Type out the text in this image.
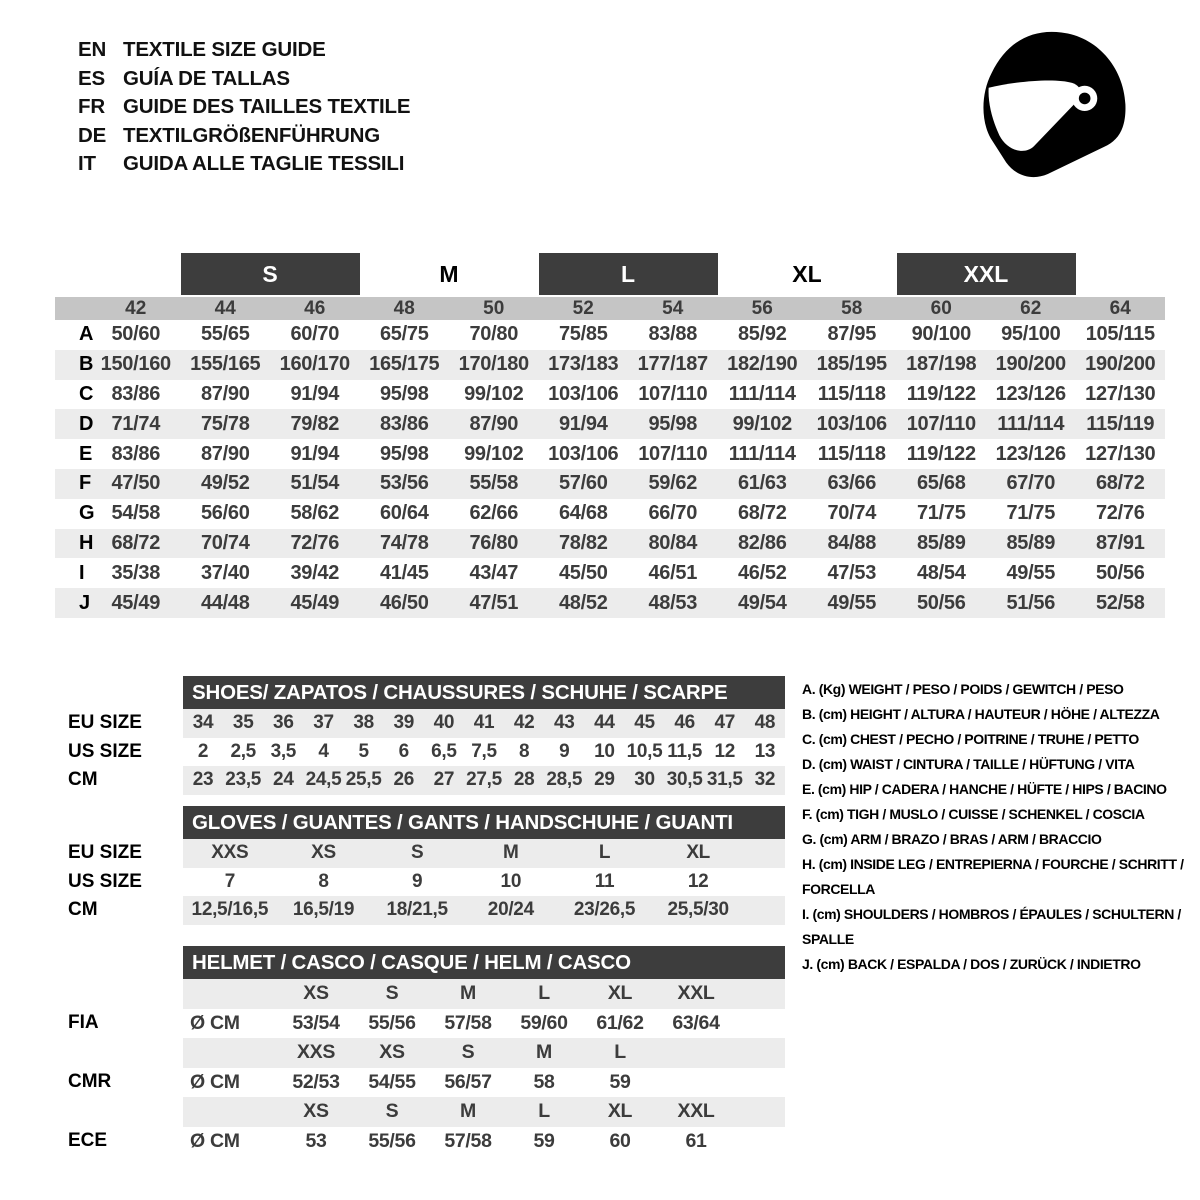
EN TEXTILE SIZE GUIDE
ES GUÍA DE TALLAS
FR GUIDE DES TAILLES TEXTILE
DE TEXTILGRÖßENFÜHRUNG
IT	GUIDA ALLE TAGLIE TESSILI
S	M	L	XL	XXL
42	44	46	48	50	52	54	56	58	60	62	64
A 50/60	55/65	60/70	65/75	70/80	75/85	83/88	85/92	87/95	90/100	95/100	105/115
B 150/160 155/165 160/170 165/175 170/180 173/183 177/187 182/190 185/195 187/198 190/200 190/200
C 83/86	87/90	91/94	95/98	99/102	103/106 107/110	111/114	115/118	119/122 123/126 127/130
D 71/74	75/78	79/82	83/86	87/90	91/94	95/98	99/102	103/106 107/110	111/114	115/119
E 83/86	87/90	91/94	95/98	99/102	103/106 107/110	111/114	115/118	119/122 123/126 127/130
F	47/50	49/52	51/54	53/56	55/58	57/60	59/62	61/63	63/66	65/68	67/70	68/72
G 54/58	56/60	58/62	60/64	62/66	64/68	66/70	68/72	70/74	71/75	71/75	72/76
H 68/72	70/74	72/76	74/78	76/80	78/82	80/84	82/86	84/88	85/89	85/89	87/91
I	35/38	37/40	39/42	41/45	43/47	45/50	46/51	46/52	47/53	48/54	49/55	50/56
J	45/49	44/48	45/49	46/50	47/51	48/52	48/53	49/54	49/55	50/56	51/56	52/58
SHOES/ ZAPATOS / CHAUSSURES / SCHUHE / SCARPE
EU SIZE	34	35	36	37	38	39	40	41	42	43	44	45	46	47	48
US SIZE	2	2,5 3,5	4	5	6	6,5 7,5	8	9	10 10,5 11,5 12	13
CM	23 23,5 24 24,5 25,5 26	27 27,5 28 28,5 29	30 30,5 31,5 32
GLOVES / GUANTES / GANTS / HANDSCHUHE / GUANTI
EU SIZE	XXS	XS	S	M	L	XL
US SIZE	7	8	9	10	11	12
CM	12,5/16,5	16,5/19	18/21,5	20/24	23/26,5	25,5/30
HELMET / CASCO / CASQUE / HELM / CASCO
XS	S	M	L	XL	XXL
FIA	Ø CM	53/54	55/56	57/58	59/60	61/62	63/64
XXS	XS	S	M	L
CMR	Ø CM	52/53	54/55	56/57	58	59
XS	S	M	L	XL	XXL
ECE	Ø CM	53	55/56	57/58	59	60	61
A. (Kg) WEIGHT / PESO / POIDS / GEWITCH / PESO
B. (cm) HEIGHT / ALTURA / HAUTEUR / HÖHE / ALTEZZA
C. (cm) CHEST / PECHO / POITRINE / TRUHE / PETTO
D. (cm) WAIST / CINTURA / TAILLE / HÜFTUNG / VITA
E. (cm) HIP / CADERA / HANCHE / HÜFTE / HIPS / BACINO
F. (cm) TIGH / MUSLO / CUISSE / SCHENKEL / COSCIA
G. (cm) ARM / BRAZO / BRAS / ARM / BRACCIO
H. (cm) INSIDE LEG / ENTREPIERNA / FOURCHE / SCHRITT / FORCELLA
I. (cm) SHOULDERS / HOMBROS / ÉPAULES / SCHULTERN / SPALLE
J. (cm) BACK / ESPALDA / DOS / ZURÜCK / INDIETRO
